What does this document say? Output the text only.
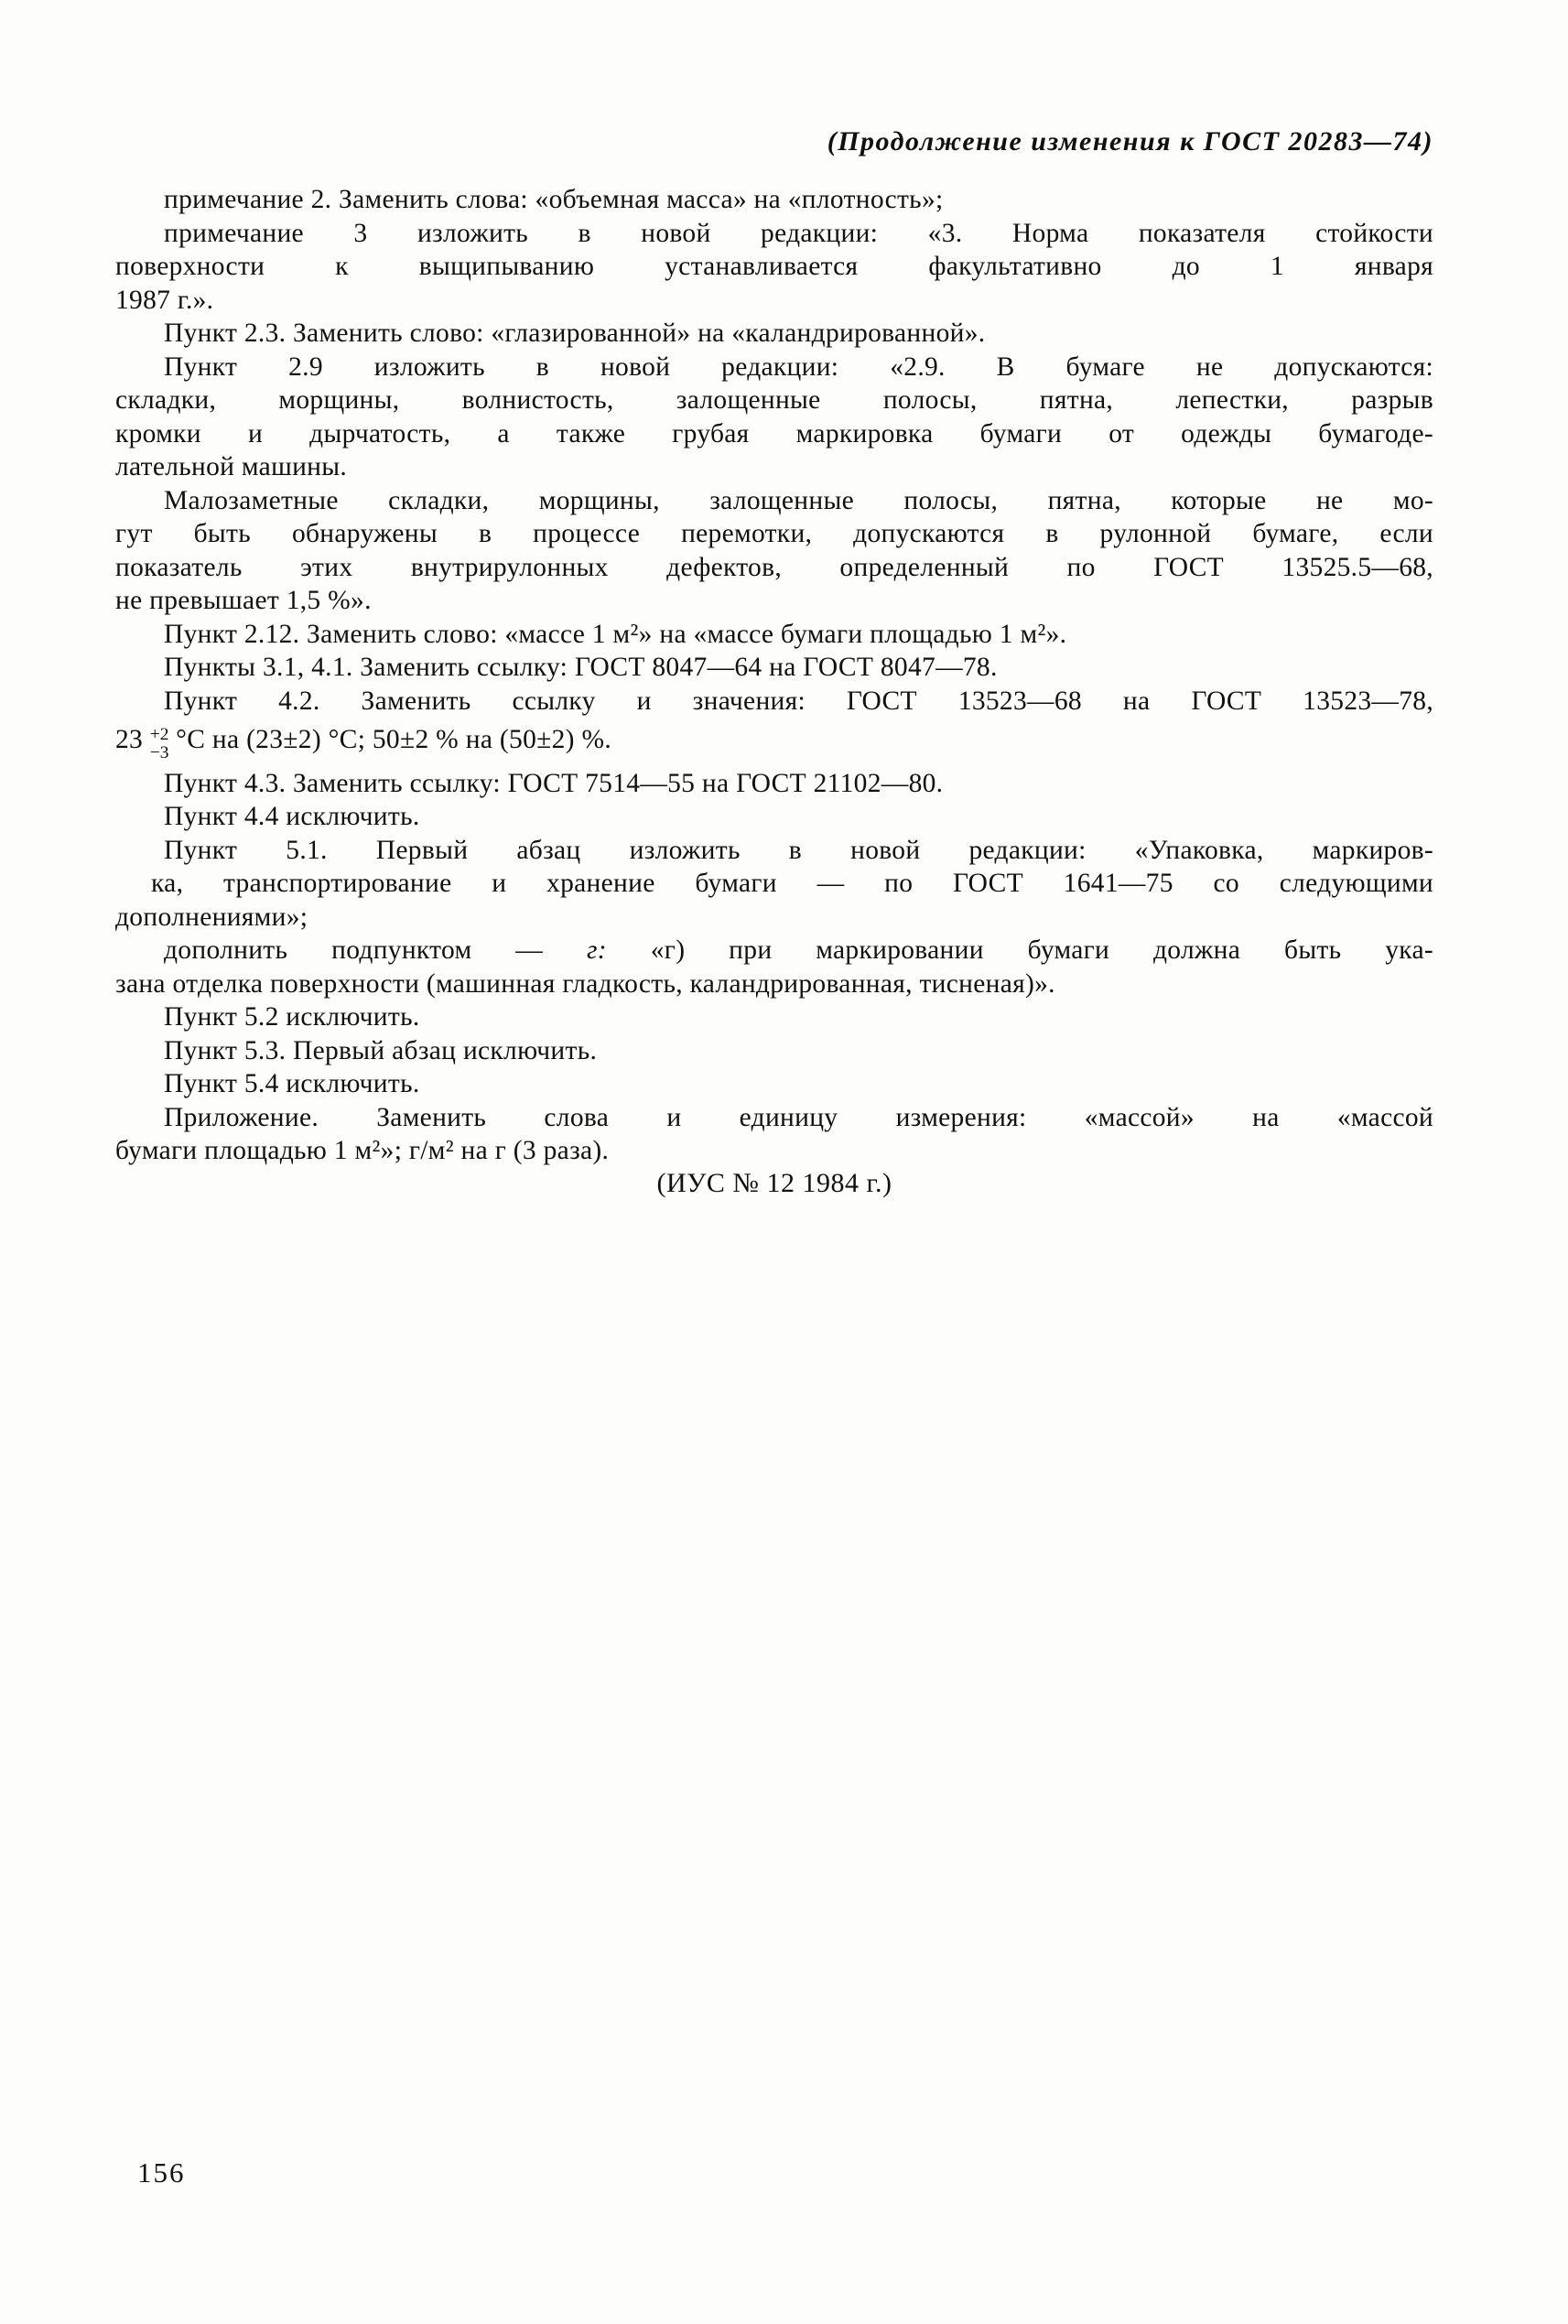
(Продолжение изменения к ГОСТ 20283—74)
примечание 2. Заменить слова: «объемная масса» на «плотность»;
примечание 3 изложить в новой редакции: «3. Норма показателя стойкости
поверхности к выщипыванию устанавливается факультативно до 1 января
1987 г.».
Пункт 2.3. Заменить слово: «глазированной» на «каландрированной».
Пункт 2.9 изложить в новой редакции: «2.9. В бумаге не допускаются:
складки, морщины, волнистость, залощенные полосы, пятна, лепестки, разрыв
кромки и дырчатость, а также грубая маркировка бумаги от одежды бумагоде-
лательной машины.
Малозаметные складки, морщины, залощенные полосы, пятна, которые не мо-
гут быть обнаружены в процессе перемотки, допускаются в рулонной бумаге, если
показатель этих внутрирулонных дефектов, определенный по ГОСТ 13525.5—68,
не превышает 1,5 %».
Пункт 2.12. Заменить слово: «массе 1 м²» на «массе бумаги площадью 1 м²».
Пункты 3.1, 4.1. Заменить ссылку: ГОСТ 8047—64 на ГОСТ 8047—78.
Пункт 4.2. Заменить ссылку и значения: ГОСТ 13523—68 на ГОСТ 13523—78,
23 +2
−3 °С на (23±2) °С; 50±2 % на (50±2) %.
Пункт 4.3. Заменить ссылку: ГОСТ 7514—55 на ГОСТ 21102—80.
Пункт 4.4 исключить.
Пункт 5.1. Первый абзац изложить в новой редакции: «Упаковка, маркиров-
ка, транспортирование и хранение бумаги — по ГОСТ 1641—75 со следующими
дополнениями»;
дополнить подпунктом — г: «г) при маркировании бумаги должна быть ука-
зана отделка поверхности (машинная гладкость, каландрированная, тисненая)».
Пункт 5.2 исключить.
Пункт 5.3. Первый абзац исключить.
Пункт 5.4 исключить.
Приложение. Заменить слова и единицу измерения: «массой» на «массой
бумаги площадью 1 м²»; г/м² на г (3 раза).
(ИУС № 12 1984 г.)
156
